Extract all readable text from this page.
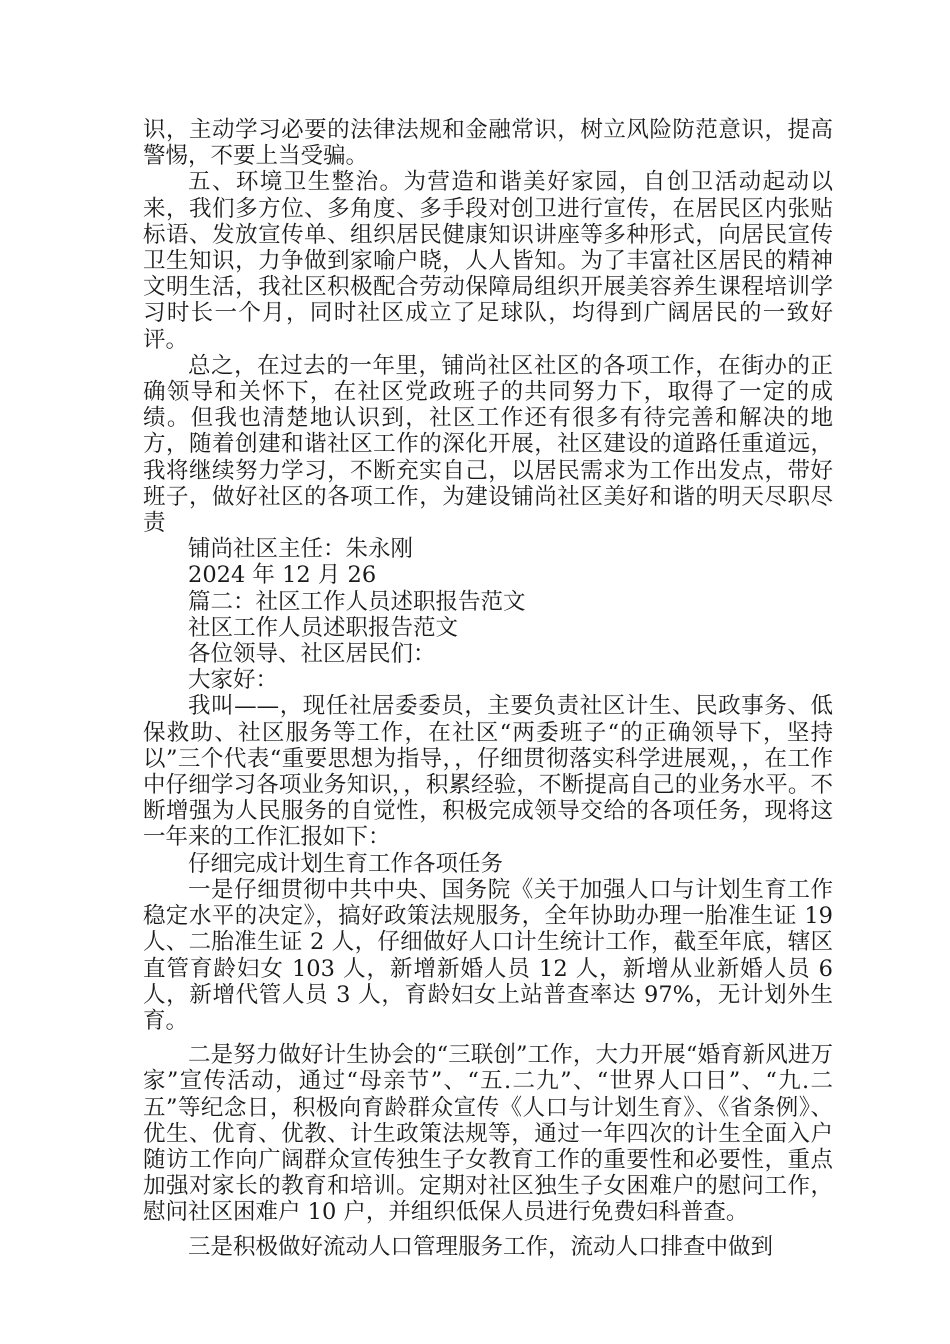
识，主动学习必要的法律法规和金融常识，树立风险防范意识，提高警惕，不要上当受骗。

五、环境卫生整治。为营造和谐美好家园，自创卫活动起动以来，我们多方位、多角度、多手段对创卫进行宣传，在居民区内张贴标语、发放宣传单、组织居民健康知识讲座等多种形式，向居民宣传卫生知识，力争做到家喻户晓，人人皆知。为了丰富社区居民的精神文明生活，我社区积极配合劳动保障局组织开展美容养生课程培训学习时长一个月，同时社区成立了足球队，均得到广阔居民的一致好评。

总之，在过去的一年里，铺尚社区社区的各项工作，在街办的正确领导和关怀下，在社区党政班子的共同努力下，取得了一定的成绩。但我也清楚地认识到，社区工作还有很多有待完善和解决的地方，随着创建和谐社区工作的深化开展，社区建设的道路任重道远，我将继续努力学习，不断充实自己，以居民需求为工作出发点，带好班子，做好社区的各项工作，为建设铺尚社区美好和谐的明天尽职尽责

铺尚社区主任：朱永刚

2024 年 12 月 26

篇二：社区工作人员述职报告范文

社区工作人员述职报告范文

各位领导、社区居民们：

大家好：

我叫——，现任社居委委员，主要负责社区计生、民政事务、低保救助、社区服务等工作，在社区“两委班子“的正确领导下，坚持以”三个代表“重要思想为指导，，仔细贯彻落实科学进展观，，在工作中仔细学习各项业务知识，，积累经验，不断提高自己的业务水平。不断增强为人民服务的自觉性，积极完成领导交给的各项任务，现将这一年来的工作汇报如下：

仔细完成计划生育工作各项任务

一是仔细贯彻中共中央、国务院《关于加强人口与计划生育工作稳定水平的决定》，搞好政策法规服务，全年协助办理一胎准生证 19 人、二胎准生证 2 人，仔细做好人口计生统计工作，截至年底，辖区直管育龄妇女 103 人，新增新婚人员 12 人，新增从业新婚人员 6 人，新增代管人员 3 人，育龄妇女上站普查率达 97%，无计划外生育。

二是努力做好计生协会的“三联创”工作，大力开展“婚育新风进万家”宣传活动，通过“母亲节”、“五.二九”、“世界人口日”、“九.二五”等纪念日，积极向育龄群众宣传《人口与计划生育》、《省条例》、优生、优育、优教、计生政策法规等，通过一年四次的计生全面入户随访工作向广阔群众宣传独生子女教育工作的重要性和必要性，重点加强对家长的教育和培训。定期对社区独生子女困难户的慰问工作，慰问社区困难户 10 户，并组织低保人员进行免费妇科普查。

三是积极做好流动人口管理服务工作，流动人口排查中做到
